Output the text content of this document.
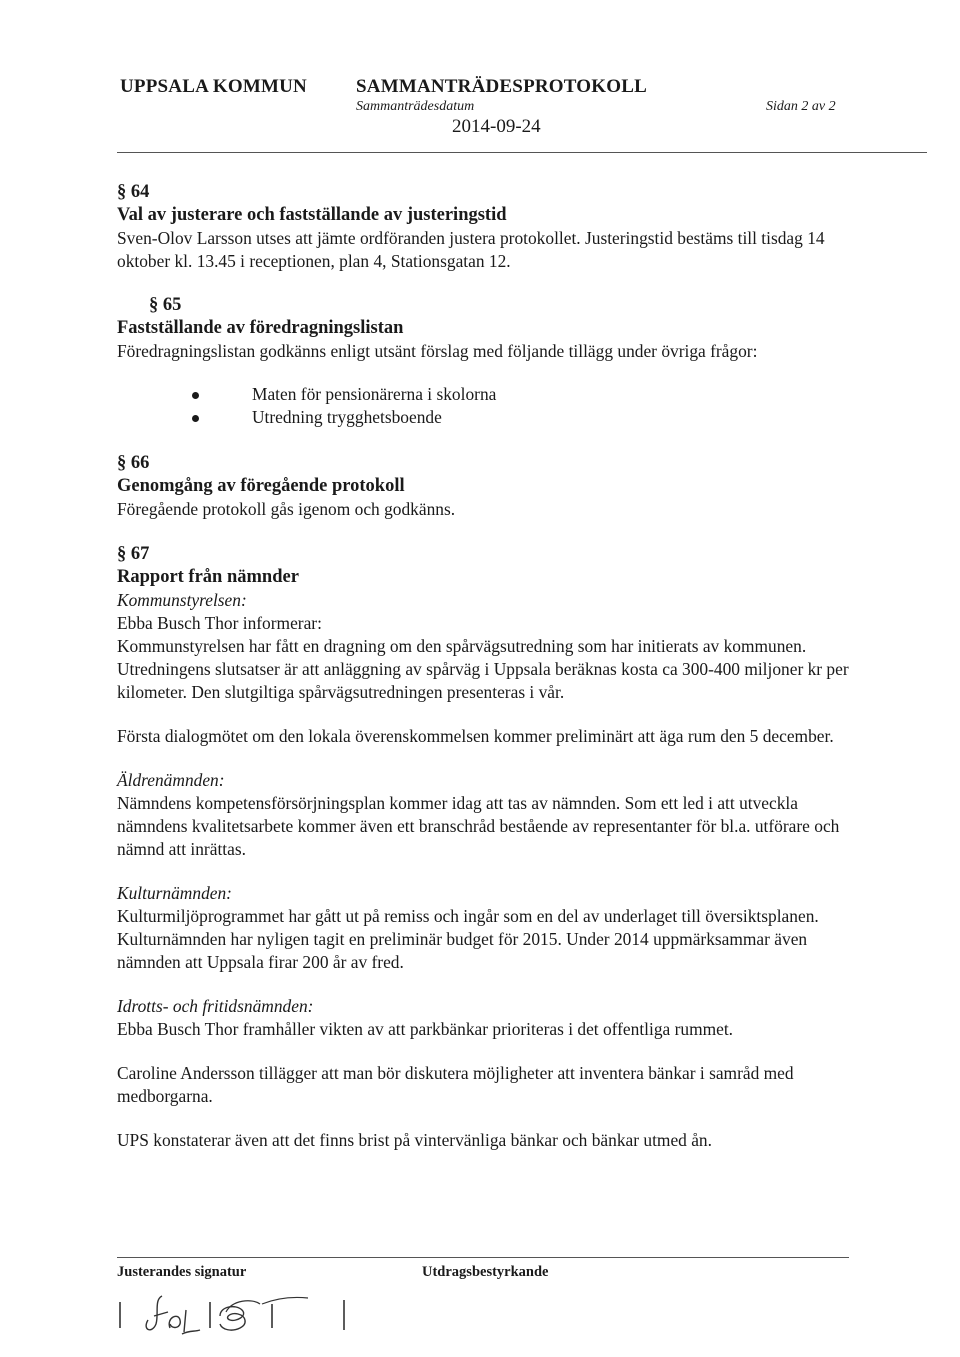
UPPSALA KOMMUN	SAMMANTRÄDESPROTOKOLL
Sammanträdesdatum
2014-09-24
Sidan 2 av 2

§ 64

Val av justerare och fastställande av justeringstid

Sven-Olov Larsson utses att jämte ordföranden justera protokollet. Justeringstid bestäms till tisdag 14 oktober kl. 13.45 i receptionen, plan 4, Stationsgatan 12.

§ 65

Fastställande av föredragningslistan

Föredragningslistan godkänns enligt utsänt förslag med följande tillägg under övriga frågor:

Maten för pensionärerna i skolorna
Utredning trygghetsboende

§ 66

Genomgång av föregående protokoll

Föregående protokoll gås igenom och godkänns.

§ 67

Rapport från nämnder

Kommunstyrelsen:

Ebba Busch Thor informerar:

Kommunstyrelsen har fått en dragning om den spårvägsutredning som har initierats av kommunen. Utredningens slutsatser är att anläggning av spårväg i Uppsala beräknas kosta ca 300-400 miljoner kr per kilometer. Den slutgiltiga spårvägsutredningen presenteras i vår.

Första dialogmötet om den lokala överenskommelsen kommer preliminärt att äga rum den 5 december.

Äldrenämnden:

Nämndens kompetensförsörjningsplan kommer idag att tas av nämnden. Som ett led i att utveckla nämndens kvalitetsarbete kommer även ett branschråd bestående av representanter för bl.a. utförare och nämnd att inrättas.

Kulturnämnden:

Kulturmiljöprogrammet har gått ut på remiss och ingår som en del av underlaget till översiktsplanen. Kulturnämnden har nyligen tagit en preliminär budget för 2015. Under 2014 uppmärksammar även nämnden att Uppsala firar 200 år av fred.

Idrotts- och fritidsnämnden:

Ebba Busch Thor framhåller vikten av att parkbänkar prioriteras i det offentliga rummet.

Caroline Andersson tillägger att man bör diskutera möjligheter att inventera bänkar i samråd med medborgarna.

UPS konstaterar även att det finns brist på vintervänliga bänkar och bänkar utmed ån.

Justerandes signatur	Utdragsbestyrkande
